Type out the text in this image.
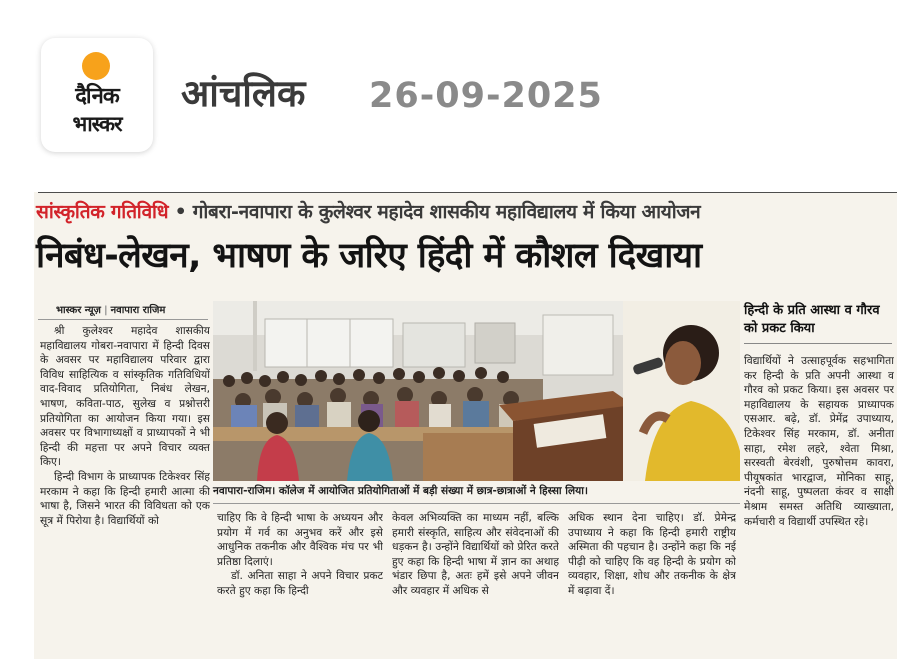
दैनिक
भास्कर
आंचलिक 26-09-2025
सांस्कृतिक गतिविधि • गोबरा-नवापारा के कुलेश्वर महादेव शासकीय महाविद्यालय में किया आयोजन
निबंध-लेखन, भाषण के जरिए हिंदी में कौशल दिखाया
भास्कर न्यूज़ | नवापारा राजिम

श्री कुलेश्वर महादेव शासकीय महाविद्यालय गोबरा-नवापारा में हिन्दी दिवस के अवसर पर महाविद्यालय परिवार द्वारा विविध साहित्यिक व सांस्कृतिक गतिविधियों वाद-विवाद प्रतियोगिता, निबंध लेखन, भाषण, कविता-पाठ, सुलेख व प्रश्नोत्तरी प्रतियोगिता का आयोजन किया गया। इस अवसर पर विभागाध्यक्षों व प्राध्यापकों ने भी हिन्दी की महत्ता पर अपने विचार व्यक्त किए।

हिन्दी विभाग के प्राध्यापक टिकेश्वर सिंह मरकाम ने कहा कि हिन्दी हमारी आत्मा की भाषा है, जिसने भारत की विविधता को एक सूत्र में पिरोया है। विद्यार्थियों को

नवापारा-राजिम। कॉलेज में आयोजित प्रतियोगिताओं में बड़ी संख्या में छात्र-छात्राओं ने हिस्सा लिया।

चाहिए कि वे हिन्दी भाषा के अध्ययन और प्रयोग में गर्व का अनुभव करें और इसे आधुनिक तकनीक और वैश्विक मंच पर भी प्रतिष्ठा दिलाएं।

डॉ. अनिता साहा ने अपने विचार प्रकट करते हुए कहा कि हिन्दी

केवल अभिव्यक्ति का माध्यम नहीं, बल्कि हमारी संस्कृति, साहित्य और संवेदनाओं की धड़कन है। उन्होंने विद्यार्थियों को प्रेरित करते हुए कहा कि हिन्दी भाषा में ज्ञान का अथाह भंडार छिपा है, अतः हमें इसे अपने जीवन और व्यवहार में अधिक से

अधिक स्थान देना चाहिए। डॉ. प्रेमेन्द्र उपाध्याय ने कहा कि हिन्दी हमारी राष्ट्रीय अस्मिता की पहचान है। उन्होंने कहा कि नई पीढ़ी को चाहिए कि वह हिन्दी के प्रयोग को व्यवहार, शिक्षा, शोध और तकनीक के क्षेत्र में बढ़ावा दें।

हिन्दी के प्रति आस्था व गौरव को प्रकट किया

विद्यार्थियों ने उत्साहपूर्वक सहभागिता कर हिन्दी के प्रति अपनी आस्था व गौरव को प्रकट किया। इस अवसर पर महाविद्यालय के सहायक प्राध्यापक एसआर. बढ़े, डॉ. प्रेमेंद्र उपाध्याय, टिकेश्वर सिंह मरकाम, डॉ. अनीता साहा, रमेश लहरे, श्वेता मिश्रा, सरस्वती बेरवंशी, पुरुषोत्तम कावरा, पीयूषकांत भारद्वाज, मोनिका साहू, नंदनी साहू, पुष्पलता कंवर व साक्षी मेश्राम समस्त अतिथि व्याख्याता, कर्मचारी व विद्यार्थी उपस्थित रहे।
